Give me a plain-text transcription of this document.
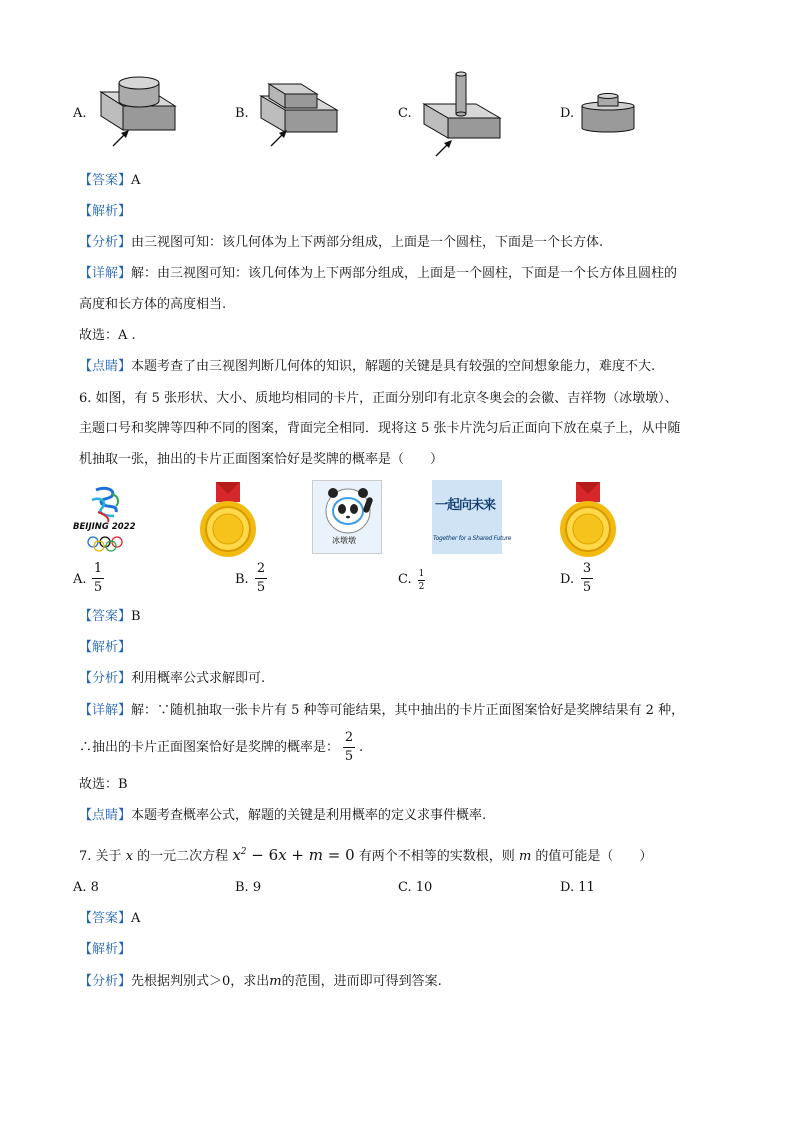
A.	B.	C.	D.
【答案】A
【解析】
【分析】由三视图可知：该几何体为上下两部分组成，上面是一个圆柱，下面是一个长方体.
【详解】解：由三视图可知：该几何体为上下两部分组成，上面是一个圆柱，下面是一个长方体且圆柱的
高度和长方体的高度相当.
故选：A .
【点睛】本题考查了由三视图判断几何体的知识，解题的关键是具有较强的空间想象能力，难度不大.
6. 如图，有 5 张形状、大小、质地均相同的卡片，正面分别印有北京冬奥会的会徽、吉祥物（冰墩墩）、
主题口号和奖牌等四种不同的图案，背面完全相同．现将这 5 张卡片洗匀后正面向下放在桌子上，从中随
机抽取一张，抽出的卡片正面图案恰好是奖牌的概率是（　　）
BEIJING 2022
冰墩墩
一起向未来
Together for a Shared Future
A.
1
5
B.
2
5
C. 1
2	D.
3
5
【答案】B
【解析】
【分析】利用概率公式求解即可.
【详解】解：∵随机抽取一张卡片有 5 种等可能结果，其中抽出的卡片正面图案恰好是奖牌结果有 2 种，
∴抽出的卡片正面图案恰好是奖牌的概率是： $\frac{2}{5}$ .
故选：B
【点睛】本题考查概率公式，解题的关键是利用概率的定义求事件概率.
7. 关于 x 的一元二次方程 $x^2 - 6x + m = 0$ 有两个不相等的实数根，则 m 的值可能是（　　）
A. 8	B. 9	C. 10	D. 11
【答案】A
【解析】
【分析】先根据判别式＞0，求出m的范围，进而即可得到答案.
